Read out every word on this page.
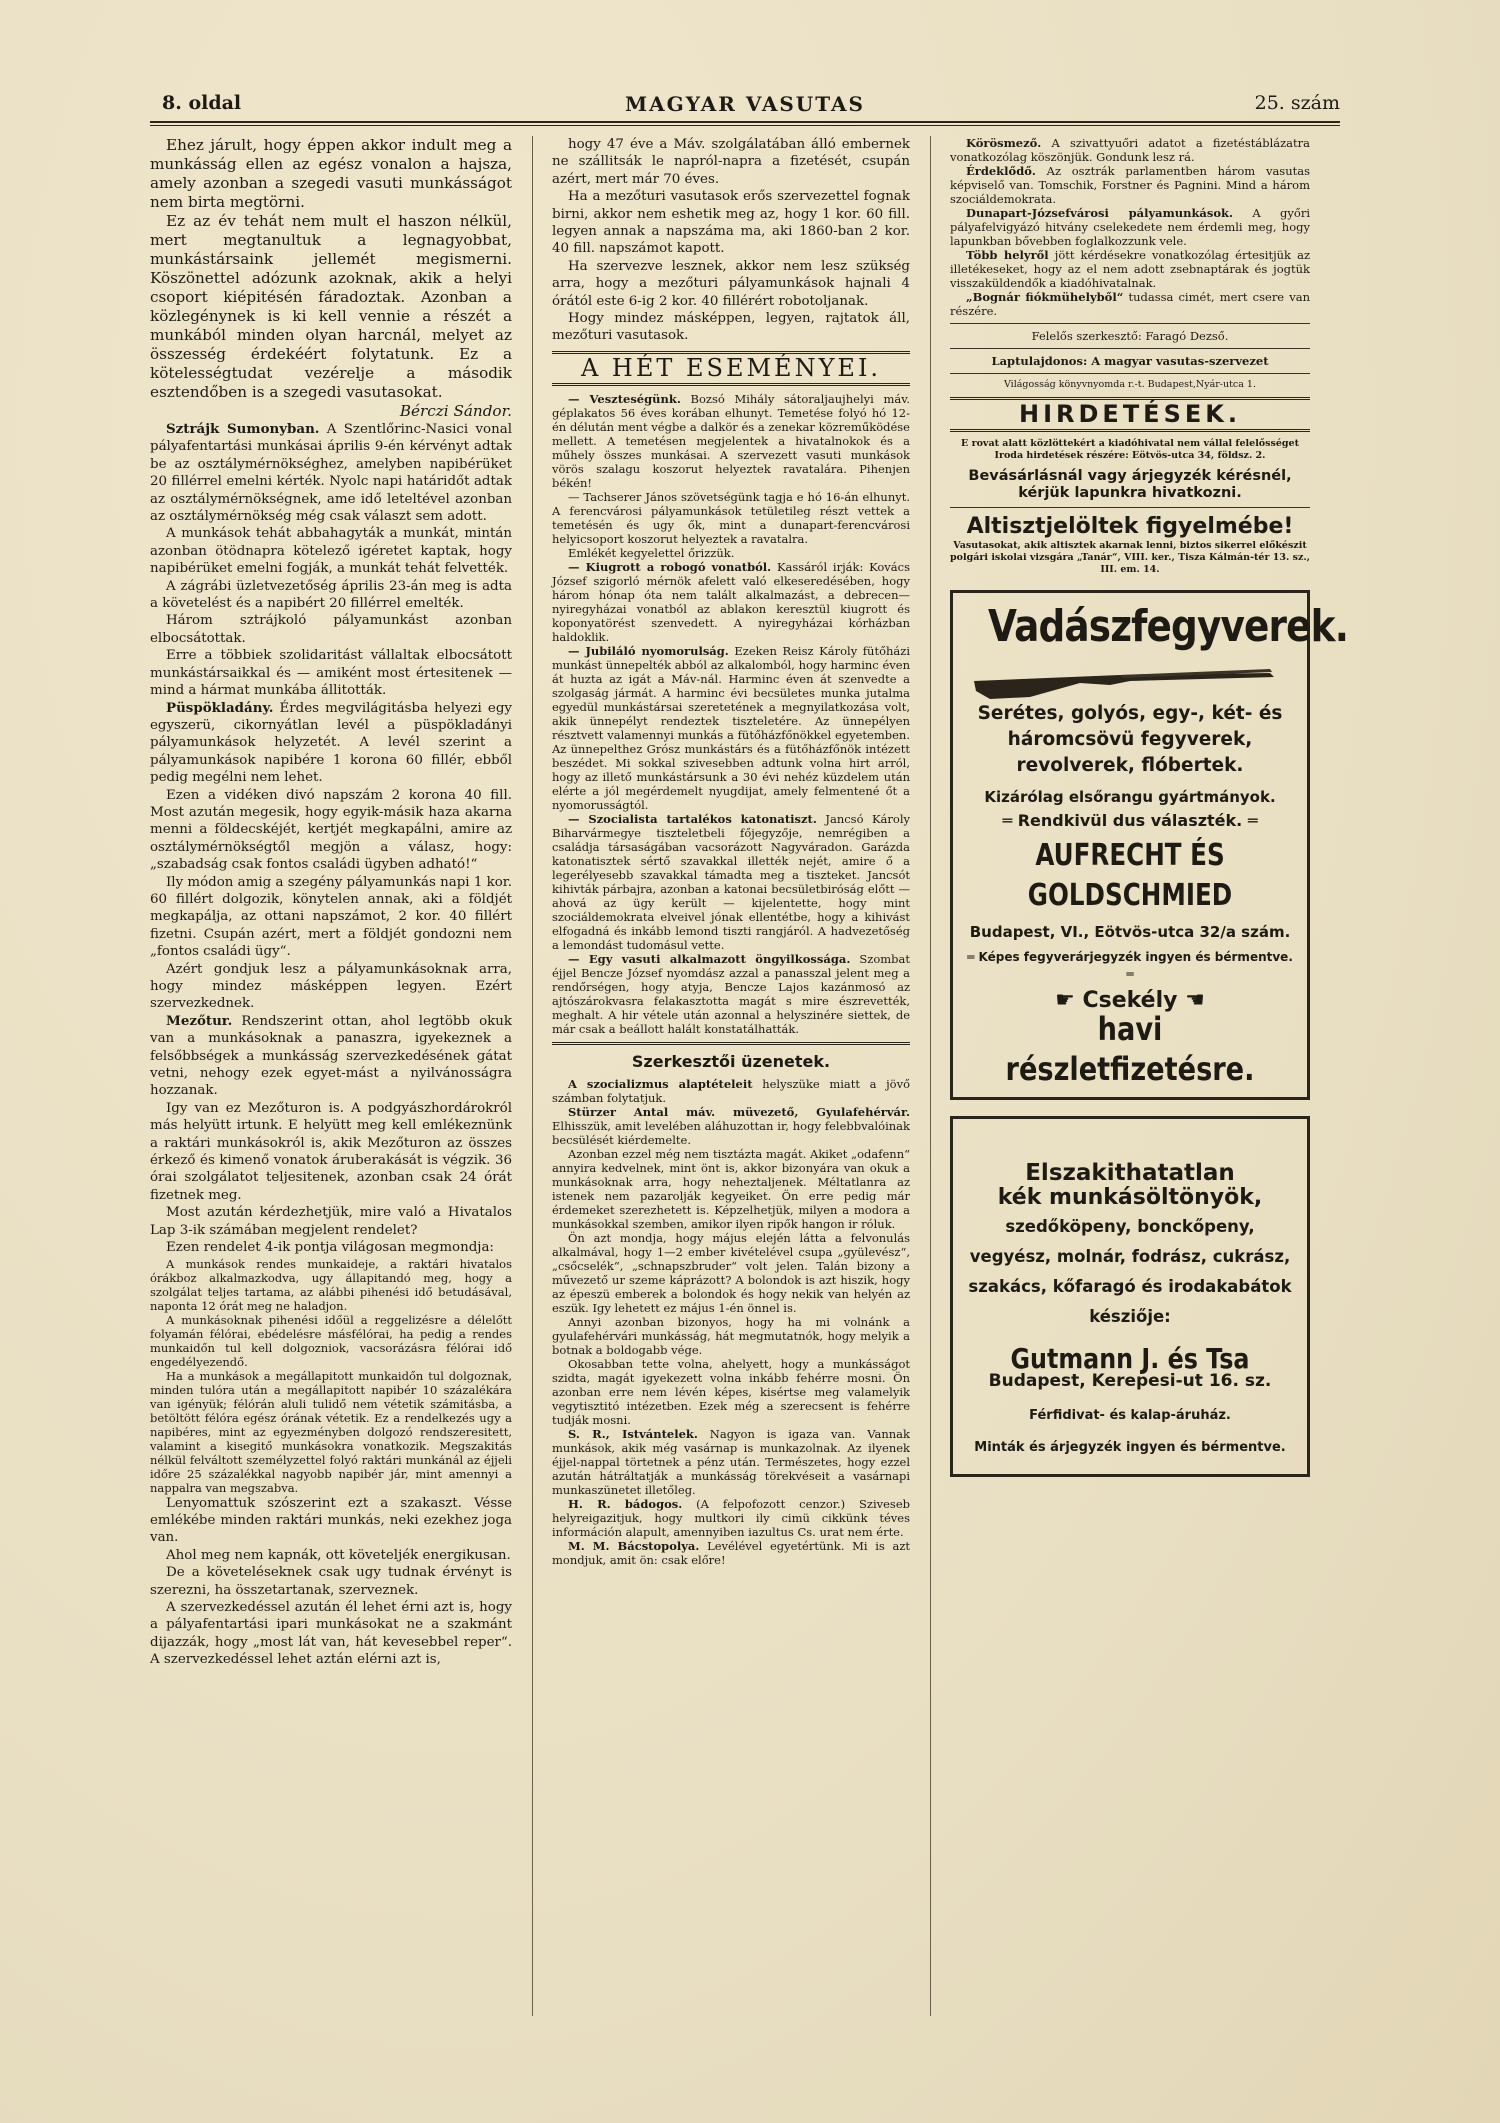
8. oldal	MAGYAR VASUTAS	25. szám

Ehez járult, hogy éppen akkor indult meg a munkásság ellen az egész vonalon a hajsza, amely azonban a szegedi vasuti munkásságot nem birta megtörni.

Ez az év tehát nem mult el haszon nélkül, mert megtanultuk a legnagyobbat, munkástársaink jellemét megismerni. Köszönettel adózunk azoknak, akik a helyi csoport kiépitésén fáradoztak. Azonban a közlegénynek is ki kell vennie a részét a munkából minden olyan harcnál, melyet az összesség érdekéért folytatunk. Ez a kötelességtudat vezérelje a második esztendőben is a szegedi vasutasokat.
Bérczi Sándor.

Sztrájk Sumonyban. A Szentlőrinc-Nasici vonal pályafentartási munkásai április 9-én kérvényt adtak be az osztálymérnökséghez, amelyben napibérüket 20 fillérrel emelni kérték. Nyolc napi határidőt adtak az osztálymérnökségnek, ame idő leteltével azonban az osztálymérnökség még csak választ sem adott.

A munkások tehát abbahagyták a munkát, mintán azonban ötödnapra kötelező igéretet kaptak, hogy napibérüket emelni fogják, a munkát tehát felvették.

A zágrábi üzletvezetőség április 23-án meg is adta a követelést és a napibért 20 fillérrel emelték.

Három sztrájkoló pályamunkást azonban elbocsátottak.

Erre a többiek szolidaritást vállaltak elbocsátott munkástársaikkal és — amiként most értesitenek — mind a hármat munkába állitották.

Püspökladány. Érdes megvilágitásba helyezi egy egyszerü, cikornyátlan levél a püspökladányi pályamunkások helyzetét. A levél szerint a pályamunkások napibére 1 korona 60 fillér, ebből pedig megélni nem lehet.

Ezen a vidéken divó napszám 2 korona 40 fill. Most azután megesik, hogy egyik-másik haza akarna menni a földecskéjét, kertjét megkapálni, amire az osztálymérnökségtől megjön a válasz, hogy: „szabadság csak fontos családi ügyben adható!“

Ily módon amig a szegény pályamunkás napi 1 kor. 60 fillért dolgozik, könytelen annak, aki a földjét megkapálja, az ottani napszámot, 2 kor. 40 fillért fizetni. Csupán azért, mert a földjét gondozni nem „fontos családi ügy“.

Azért gondjuk lesz a pályamunkásoknak arra, hogy mindez másképpen legyen. Ezért szervezkednek.

Mezőtur. Rendszerint ottan, ahol legtöbb okuk van a munkásoknak a panaszra, igyekeznek a felsőbbségek a munkásság szervezkedésének gátat vetni, nehogy ezek egyet-mást a nyilvánosságra hozzanak.

Igy van ez Mezőturon is. A podgyászhordárokról más helyütt irtunk. E helyütt meg kell emlékeznünk a raktári munkásokról is, akik Mezőturon az összes érkező és kimenő vonatok áruberakását is végzik. 36 órai szolgálatot teljesitenek, azonban csak 24 órát fizetnek meg.

Most azután kérdezhetjük, mire való a Hivatalos Lap 3-ik számában megjelent rendelet?

Ezen rendelet 4-ik pontja világosan megmondja:

A munkások rendes munkaideje, a raktári hivatalos órákboz alkalmazkodva, ugy állapitandó meg, hogy a szolgálat teljes tartama, az alábbi pihenési idő betudásával, naponta 12 órát meg ne haladjon.

A munkásoknak pihenési időül a reggelizésre a délelőtt folyamán félórai, ebédelésre másfélórai, ha pedig a rendes munkaidőn tul kell dolgozniok, vacsorázásra félórai idő engedélyezendő.

Ha a munkások a megállapitott munkaidőn tul dolgoznak, minden tulóra után a megállapitott napibér 10 százalékára van igényük; félórán aluli tulidő nem vétetik számitásba, a betöltött félóra egész órának vétetik. Ez a rendelkezés ugy a napibéres, mint az egyezményben dolgozó rendszeresitett, valamint a kisegitő munkásokra vonatkozik. Megszakitás nélkül felváltott személyzettel folyó raktári munkánál az éjjeli időre 25 százalékkal nagyobb napibér jár, mint amennyi a nappalra van megszabva.

Lenyomattuk szószerint ezt a szakaszt. Vésse emlékébe minden raktári munkás, neki ezekhez joga van.

Ahol meg nem kapnák, ott követeljék energikusan.

De a követeléseknek csak ugy tudnak érvényt is szerezni, ha összetartanak, szerveznek.

A szervezkedéssel azután él lehet érni azt is, hogy a pályafentartási ipari munkásokat ne a szakmánt dijazzák, hogy „most lát van, hát kevesebbel reper“. A szervezkedéssel lehet aztán elérni azt is,

hogy 47 éve a Máv. szolgálatában álló embernek ne szállitsák le napról-napra a fizetését, csupán azért, mert már 70 éves.

Ha a mezőturi vasutasok erős szervezettel fognak birni, akkor nem eshetik meg az, hogy 1 kor. 60 fill. legyen annak a napszáma ma, aki 1860-ban 2 kor. 40 fill. napszámot kapott.

Ha szervezve lesznek, akkor nem lesz szükség arra, hogy a mezőturi pályamunkások hajnali 4 órától este 6-ig 2 kor. 40 fillérért robotoljanak.

Hogy mindez másképpen, legyen, rajtatok áll, mezőturi vasutasok.

A HÉT ESEMÉNYEI.

— Veszteségünk. Bozsó Mihály sátoraljaujhelyi máv. géplakatos 56 éves korában elhunyt. Temetése folyó hó 12-én délután ment végbe a dalkör és a zenekar közreműködése mellett. A temetésen megjelentek a hivatalnokok és a műhely összes munkásai. A szervezett vasuti munkások vörös szalagu koszorut helyeztek ravatalára. Pihenjen békén!

— Tachserer János szövetségünk tagja e hó 16-án elhunyt. A ferencvárosi pályamunkások tetületileg részt vettek a temetésén és ugy ők, mint a dunapart-ferencvárosi helyicsoport koszorut helyeztek a ravatalra.

Emlékét kegyelettel őrizzük.

— Kiugrott a robogó vonatból. Kassáról irják: Kovács József szigorló mérnök afelett való elkeseredésében, hogy három hónap óta nem talált alkalmazást, a debrecen—nyiregyházai vonatból az ablakon keresztül kiugrott és koponyatörést szenvedett. A nyiregyházai kórházban haldoklik.

— Jubiláló nyomorulság. Ezeken Reisz Károly fütőházi munkást ünnepelték abból az alkalomból, hogy harminc éven át huzta az igát a Máv-nál. Harminc éven át szenvedte a szolgaság jármát. A harminc évi becsületes munka jutalma egyedül munkástársai szeretetének a megnyilatkozása volt, akik ünnepélyt rendeztek tiszteletére. Az ünnepélyen résztvett valamennyi munkás a fütőházfőnökkel egyetemben. Az ünnepelthez Grósz munkástárs és a fütőházfőnök intézett beszédet. Mi sokkal szivesebben adtunk volna hirt arról, hogy az illető munkástársunk a 30 évi nehéz küzdelem után elérte a jól megérdemelt nyugdijat, amely felmentené őt a nyomorusságtól.

— Szocialista tartalékos katonatiszt. Jancsó Károly Biharvármegye tiszteletbeli főjegyzője, nemrégiben a családja társaságában vacsorázott Nagyváradon. Garázda katonatisztek sértő szavakkal illették nejét, amire ő a legerélyesebb szavakkal támadta meg a tiszteket. Jancsót kihivták párbajra, azonban a katonai becsületbiróság előtt — ahová az ügy került — kijelentette, hogy mint szociáldemokrata elveivel jónak ellentétbe, hogy a kihivást elfogadná és inkább lemond tiszti rangjáról. A hadvezetőség a lemondást tudomásul vette.

— Egy vasuti alkalmazott öngyilkossága. Szombat éjjel Bencze József nyomdász azzal a panasszal jelent meg a rendőrségen, hogy atyja, Bencze Lajos kazánmosó az ajtószárokvasra felakasztotta magát s mire észrevették, meghalt. A hir vétele után azonnal a helyszinére siettek, de már csak a beállott halált konstatálhatták.

Szerkesztői üzenetek.

A szocializmus alaptételeit helyszüke miatt a jövő számban folytatjuk.

Stürzer Antal máv. müvezető, Gyulafehérvár. Elhisszük, amit levelében aláhuzottan ir, hogy felebbvalóinak becsülését kiérdemelte.

Azonban ezzel még nem tisztázta magát. Akiket „odafenn“ annyira kedvelnek, mint önt is, akkor bizonyára van okuk a munkásoknak arra, hogy neheztaljenek. Méltatlanra az istenek nem pazarolják kegyeiket. Ön erre pedig már érdemeket szerezhetett is. Képzelhetjük, milyen a modora a munkásokkal szemben, amikor ilyen ripők hangon ir róluk.

Ön azt mondja, hogy május elején látta a felvonulás alkalmával, hogy 1—2 ember kivételével csupa „gyülevész“, „csőcselék“, „schnapszbruder“ volt jelen. Talán bizony a művezető ur szeme káprázott? A bolondok is azt hiszik, hogy az épeszü emberek a bolondok és hogy nekik van helyén az eszük. Igy lehetett ez május 1-én önnel is.

Annyi azonban bizonyos, hogy ha mi volnánk a gyulafehérvári munkásság, hát megmutatnók, hogy melyik a botnak a boldogabb vége.

Okosabban tette volna, ahelyett, hogy a munkásságot szidta, magát igyekezett volna inkább fehérre mosni. Ön azonban erre nem lévén képes, kisértse meg valamelyik vegytisztitó intézetben. Ezek még a szerecsent is fehérre tudják mosni.

S. R., Istvántelek. Nagyon is igaza van. Vannak munkások, akik még vasárnap is munkazolnak. Az ilyenek éjjel-nappal törtetnek a pénz után. Természetes, hogy ezzel azután hátráltatják a munkásság törekvéseit a vasárnapi munkaszünetet illetőleg.

H. R. bádogos. (A felpofozott cenzor.) Sziveseb helyreigazitjuk, hogy multkori ily cimü cikkünk téves információn alapult, amennyiben iazultus Cs. urat nem érte.

M. M. Bácstopolya. Levélével egyetértünk. Mi is azt mondjuk, amit ön: csak előre!

Körösmező. A szivattyuőri adatot a fizetéstáblázatra vonatkozólag köszönjük. Gondunk lesz rá.

Érdeklődő. Az osztrák parlamentben három vasutas képviselő van. Tomschik, Forstner és Pagnini. Mind a három szociáldemokrata.

Dunapart-Józsefvárosi pályamunkások. A győri pályafelvigyázó hitvány cselekedete nem érdemli meg, hogy lapunkban bővebben foglalkozzunk vele.

Több helyről jött kérdésekre vonatkozólag értesitjük az illetékeseket, hogy az el nem adott zsebnaptárak és jogtük visszaküldendők a kiadóhivatalnak.

„Bognár fiókmühelyből“ tudassa cimét, mert csere van részére.

Felelős szerkesztő: Faragó Dezső.

Laptulajdonos: A magyar vasutas-szervezet

Világosság könyvnyomda r.-t. Budapest,Nyár-utca 1.

HIRDETÉSEK.

E rovat alatt közlöttekért a kiadóhivatal nem vállal felelősséget Iroda hirdetések részére: Eötvös-utca 34, földsz. 2.

Bevásárlásnál vagy árjegyzék kérésnél, kérjük lapunkra hivatkozni.
Altisztjelöltek figyelmébe!

Vasutasokat, akik altisztek akarnak lenni, biztos sikerrel előkészit polgári iskolai vizsgára „Tanár“, VIII. ker., Tisza Kálmán-tér 13. sz., III. em. 14.

Vadászfegyverek.
Serétes, golyós, egy-, két- és háromcsövü fegyverek, revolverek, flóbertek.
Kizárólag elsőrangu gyártmányok.
═ Rendkivül dus választék. ═
AUFRECHT ÉS GOLDSCHMIED
Budapest, VI., Eötvös-utca 32/a szám.
═ Képes fegyverárjegyzék ingyen és bérmentve. ═
☛ Csekély ☚
havi részletfizetésre.
Elszakithatatlan
kék munkásöltönyök,
szedőköpeny, bonckőpeny, vegyész, molnár, fodrász, cukrász, szakács, kőfaragó és irodakabátok késziője:
Gutmann J. és Tsa
Budapest, Kerepesi-ut 16. sz.
Férfidivat- és kalap-áruház.
Minták és árjegyzék ingyen és bérmentve.
